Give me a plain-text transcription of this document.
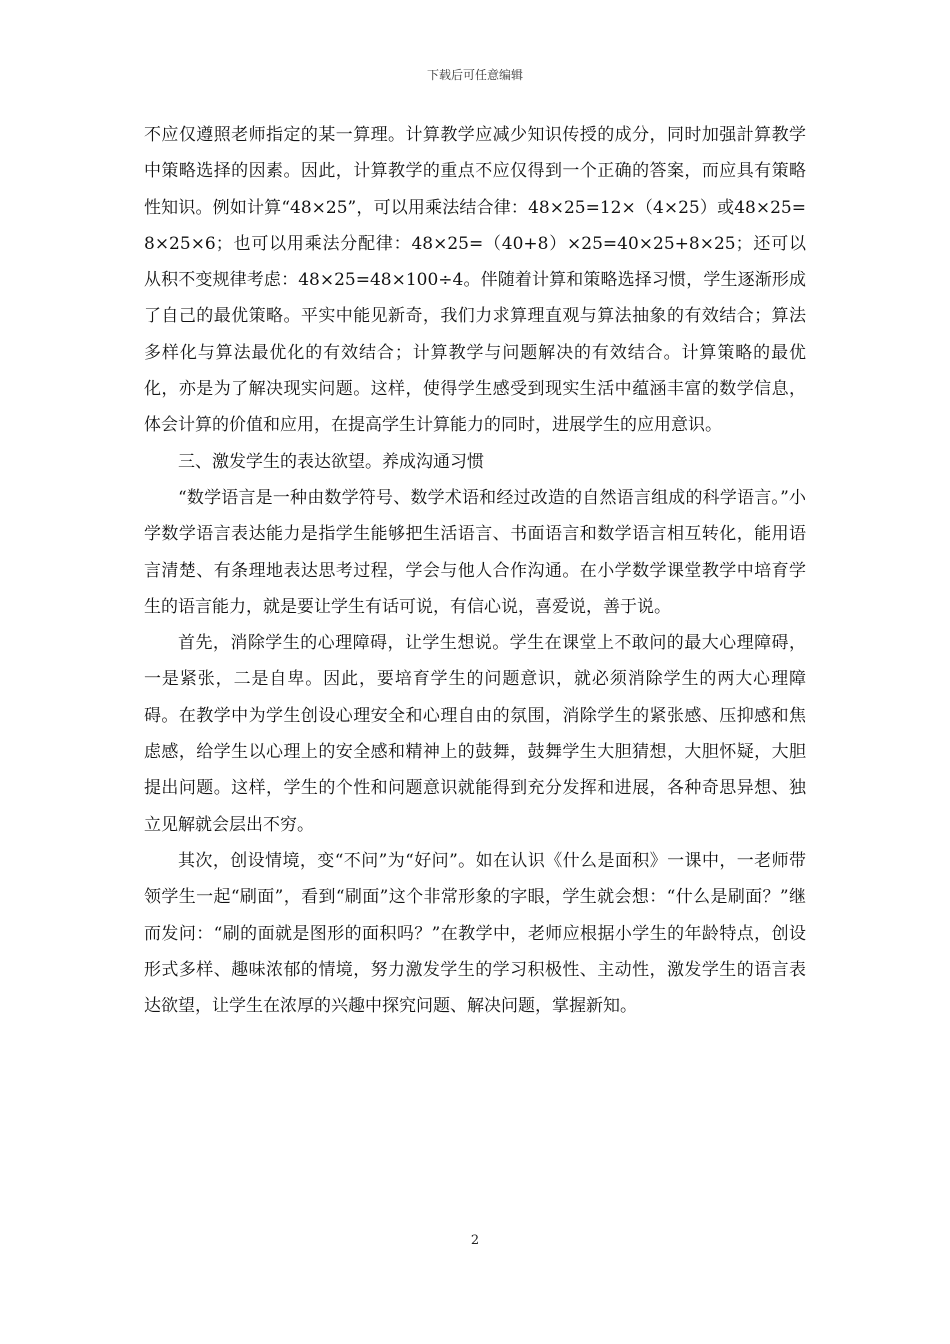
下载后可任意编辑

不应仅遵照老师指定的某一算理。计算教学应减少知识传授的成分，同时加强計算教学中策略选择的因素。因此，计算教学的重点不应仅得到一个正确的答案，而应具有策略性知识。例如计算“48×25”，可以用乘法结合律：48×25=12×（4×25）或48×25=8×25×6；也可以用乘法分配律：48×25=（40+8）×25=40×25+8×25；还可以从积不变规律考虑：48×25=48×100÷4。伴随着计算和策略选择习惯，学生逐渐形成了自己的最优策略。平实中能见新奇，我们力求算理直观与算法抽象的有效结合；算法多样化与算法最优化的有效结合；计算教学与问题解决的有效结合。计算策略的最优化，亦是为了解决现实问题。这样，使得学生感受到现实生活中蕴涵丰富的数学信息，体会计算的价值和应用，在提高学生计算能力的同时，进展学生的应用意识。

三、激发学生的表达欲望。养成沟通习惯

“数学语言是一种由数学符号、数学术语和经过改造的自然语言组成的科学语言。”小学数学语言表达能力是指学生能够把生活语言、书面语言和数学语言相互转化，能用语言清楚、有条理地表达思考过程，学会与他人合作沟通。在小学数学课堂教学中培育学生的语言能力，就是要让学生有话可说，有信心说，喜爱说，善于说。

首先，消除学生的心理障碍，让学生想说。学生在课堂上不敢问的最大心理障碍，一是紧张，二是自卑。因此，要培育学生的问题意识，就必须消除学生的两大心理障碍。在教学中为学生创设心理安全和心理自由的氛围，消除学生的紧张感、压抑感和焦虑感，给学生以心理上的安全感和精神上的鼓舞，鼓舞学生大胆猜想，大胆怀疑，大胆提出问题。这样，学生的个性和问题意识就能得到充分发挥和进展，各种奇思异想、独立见解就会层出不穷。

其次，创设情境，变“不问”为“好问”。如在认识《什么是面积》一课中，一老师带领学生一起“刷面”，看到“刷面”这个非常形象的字眼，学生就会想：“什么是刷面？”继而发问：“刷的面就是图形的面积吗？”在教学中，老师应根据小学生的年龄特点，创设形式多样、趣味浓郁的情境，努力激发学生的学习积极性、主动性，激发学生的语言表达欲望，让学生在浓厚的兴趣中探究问题、解决问题，掌握新知。

2
